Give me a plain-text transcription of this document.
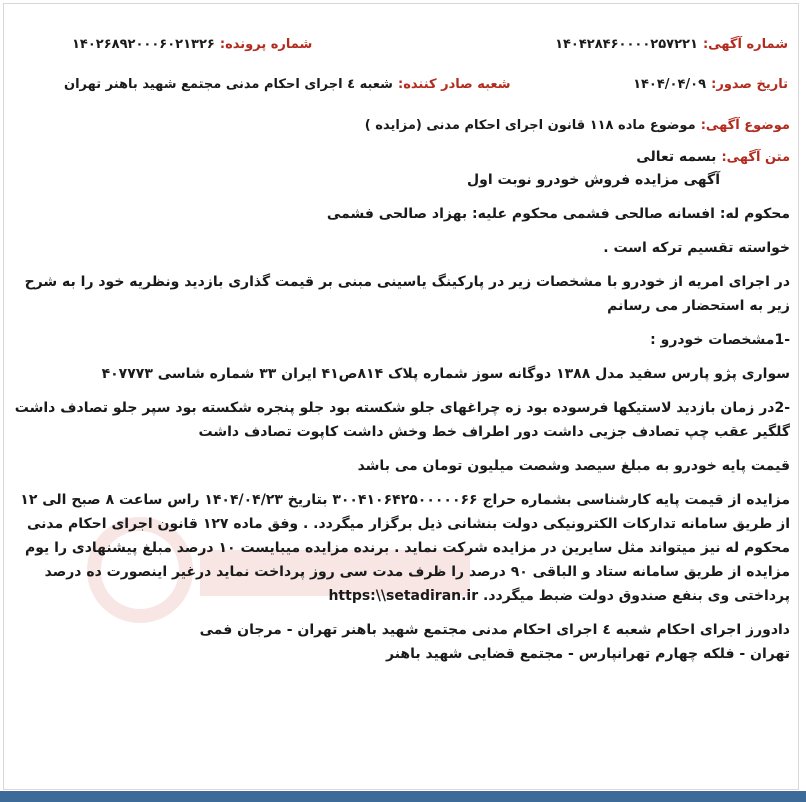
شماره آگهی: ۱۴۰۴۲۸۴۶۰۰۰۰۲۵۷۲۲۱
شماره پرونده: ۱۴۰۲۶۸۹۲۰۰۰۶۰۲۱۳۲۶
تاریخ صدور: ۱۴۰۴/۰۴/۰۹
شعبه صادر کننده: شعبه ٤ اجرای احکام مدنی مجتمع شهید باهنر تهران
موضوع آگهی: موضوع ماده ۱۱۸ قانون اجرای احکام مدنی (مزایده )
متن آگهی: بسمه تعالی

آگهی مزایده فروش خودرو نوبت اول

محکوم له: افسانه صالحی فشمی محکوم علیه: بهزاد صالحی فشمی

خواسته تقسیم ترکه است .

در اجرای امریه از خودرو با مشخصات زیر در پارکینگ یاسینی مبنی بر قیمت گذاری بازدید ونظریه خود را به شرح زیر به استحضار می رسانم

-1مشخصات خودرو :

سواری پژو پارس سفید مدل ۱۳۸۸ دوگانه سوز شماره پلاک ۸۱۴ص۴۱ ایران ۳۳ شماره شاسی ۴۰۷۷۷۳

-2در زمان بازدید لاستیکها فرسوده بود زه چراغهای جلو شکسته بود جلو پنجره شکسته بود سپر جلو تصادف داشت گلگیر عقب چپ تصادف جزیی داشت دور اطراف خط وخش داشت کاپوت تصادف داشت

قیمت پایه خودرو به مبلغ سیصد وشصت میلیون تومان می باشد

مزایده از قیمت پایه کارشناسی بشماره حراج ۳۰۰۴۱۰۶۴۲۵۰۰۰۰۰۶۶ بتاریخ ۱۴۰۴/۰۴/۲۳ راس ساعت ۸ صبح الی ۱۲ از طریق سامانه تدارکات الکترونیکی دولت بنشانی ذیل برگزار میگردد. . وفق ماده ۱۲۷ قانون اجرای احکام مدنی محکوم له نیز میتواند مثل سایرین در مزایده شرکت نماید . برنده مزایده میبایست ۱۰ درصد مبلغ پیشنهادی را یوم مزایده از طریق سامانه ستاد و الباقی ۹۰ درصد را ظرف مدت سی روز پرداخت نماید درغیر اینصورت ده درصد پرداختی وی بنفع صندوق دولت ضبط میگردد. https:\\setadiran.ir

دادورز اجرای احکام شعبه ٤ اجرای احکام مدنی مجتمع شهید باهنر تهران - مرجان فمی

تهران - فلکه چهارم تهرانپارس - مجتمع قضایی شهید باهنر
